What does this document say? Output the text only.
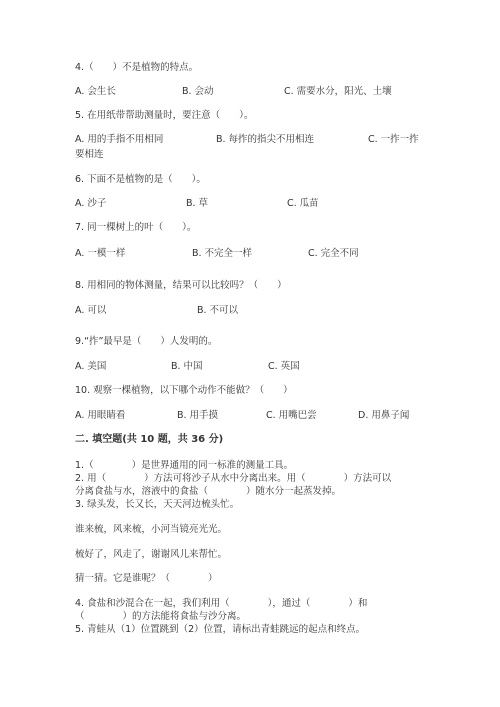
4.（　　）不是植物的特点。
A. 会生长	B. 会动	C. 需要水分，阳光、土壤
5. 在用纸带帮助测量时，要注意（　　）。
A. 用的手指不用相同	B. 每拃的指尖不用相连	C. 一拃一拃
要相连
6. 下面不是植物的是（　　）。
A. 沙子	B. 草	C. 瓜苗
7. 同一棵树上的叶（　　）。
A. 一模一样	B. 不完全一样	C. 完全不同
8. 用相同的物体测量，结果可以比较吗？（　　）
A. 可以	B. 不可以
9.“拃”最早是（　　）人发明的。
A. 美国	B. 中国	C. 英国
10. 观察一棵植物，以下哪个动作不能做？（　　）
A. 用眼睛看	B. 用手摸	C. 用嘴巴尝	D. 用鼻子闻
二. 填空题(共 10 题，共 36 分)
1.（　　　　）是世界通用的同一标准的测量工具。
2. 用（　　　　）方法可将沙子从水中分离出来。用（　　　　）方法可以
分离食盐与水，溶液中的食盐（　　　　）随水分一起蒸发掉。
3. 绿头发，长又长，天天河边梳头忙。
谁来梳，风来梳，小河当镜亮光光。
梳好了，风走了，谢谢风儿来帮忙。
猜一猜。它是谁呢？（　　　　）
4. 食盐和沙混合在一起，我们利用（　　　　），通过（　　　　）和
（　　　　）的方法能将食盐与沙分离。
5. 青蛙从（1）位置跳到（2）位置，请标出青蛙跳远的起点和终点。
